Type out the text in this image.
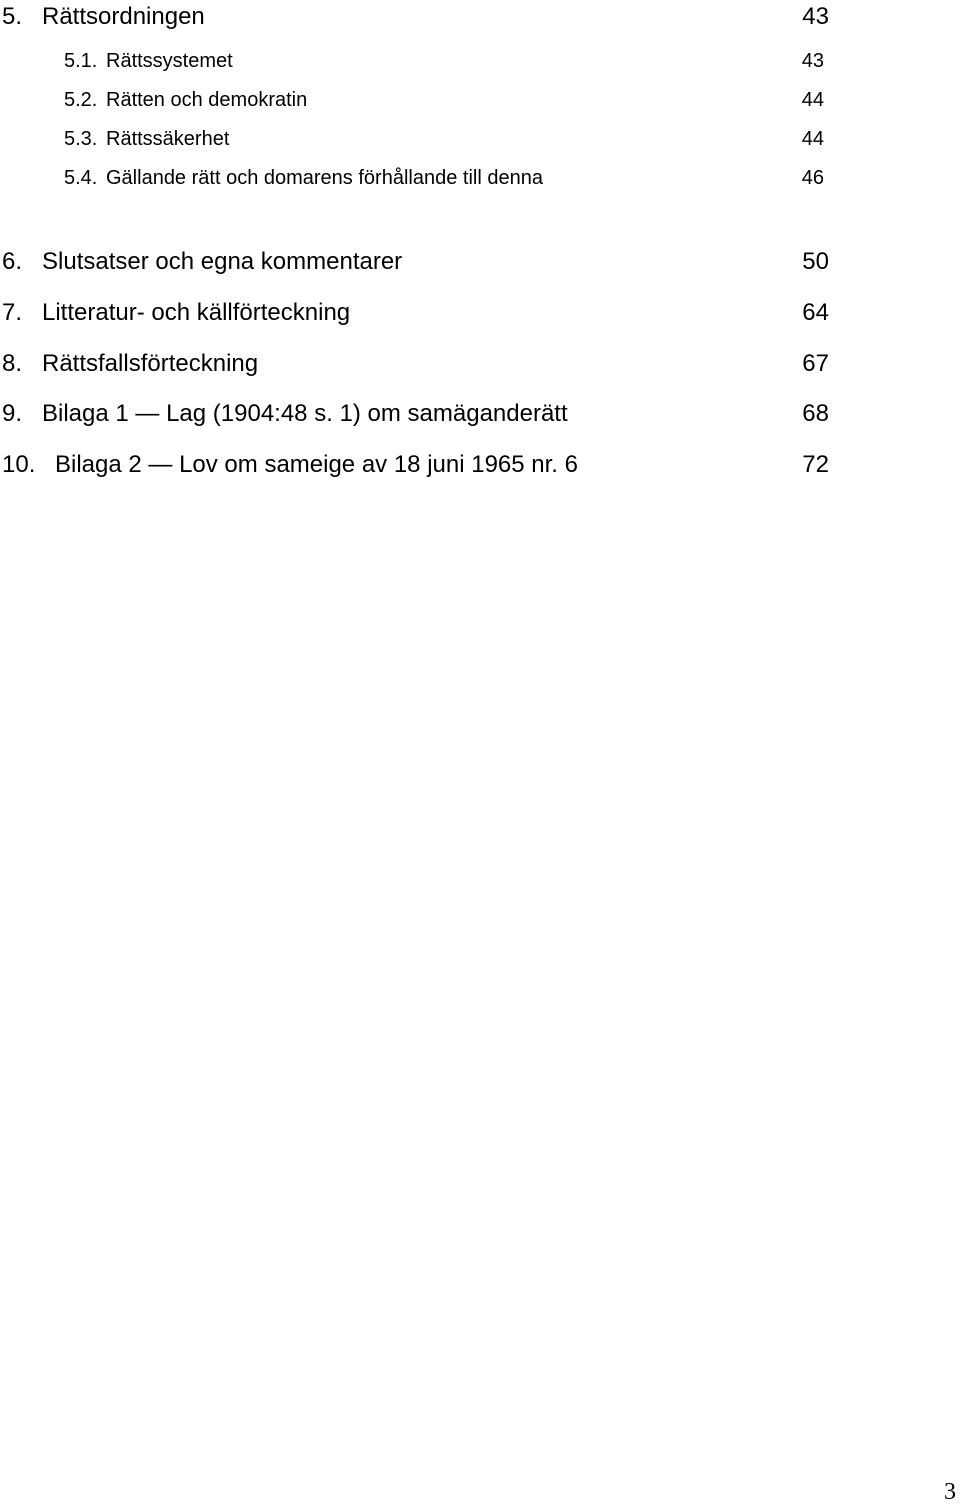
5. Rättsordningen	43
5.1. Rättssystemet	43
5.2. Rätten och demokratin	44
5.3. Rättssäkerhet	44
5.4. Gällande rätt och domarens förhållande till denna	46
6. Slutsatser och egna kommentarer	50
7. Litteratur- och källförteckning	64
8. Rättsfallsförteckning	67
9. Bilaga 1 — Lag (1904:48 s. 1) om samäganderätt	68
10. Bilaga 2 — Lov om sameige av 18 juni 1965 nr. 6	72
3
